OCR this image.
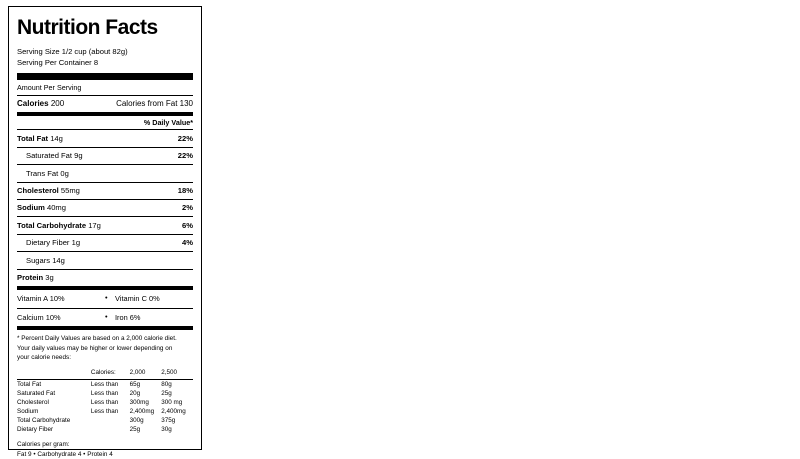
Nutrition Facts
Serving Size 1/2 cup (about 82g)
Serving Per Container 8
Amount Per Serving
Calories 200	Calories from Fat 130
% Daily Value*
Total Fat 14g	22%
Saturated Fat 9g	22%
Trans Fat 0g
Cholesterol 55mg	18%
Sodium 40mg	2%
Total Carbohydrate 17g	6%
Dietary Fiber 1g	4%
Sugars 14g
Protein 3g
Vitamin A 10%	• Vitamin C 0%
Calcium 10%	• Iron 6%
* Percent Daily Values are based on a 2,000 calorie diet.
Your daily values may be higher or lower depending on
your calorie needs:
	Calories:	2,000	2,500
Total Fat	Less than	65g	80g
Saturated Fat	Less than	20g	25g
Cholesterol	Less than	300mg	300 mg
Sodium	Less than	2,400mg	2,400mg
Total Carbohydrate		300g	375g
Dietary Fiber		25g	30g
Calories per gram:
Fat 9 • Carbohydrate 4 • Protein 4
